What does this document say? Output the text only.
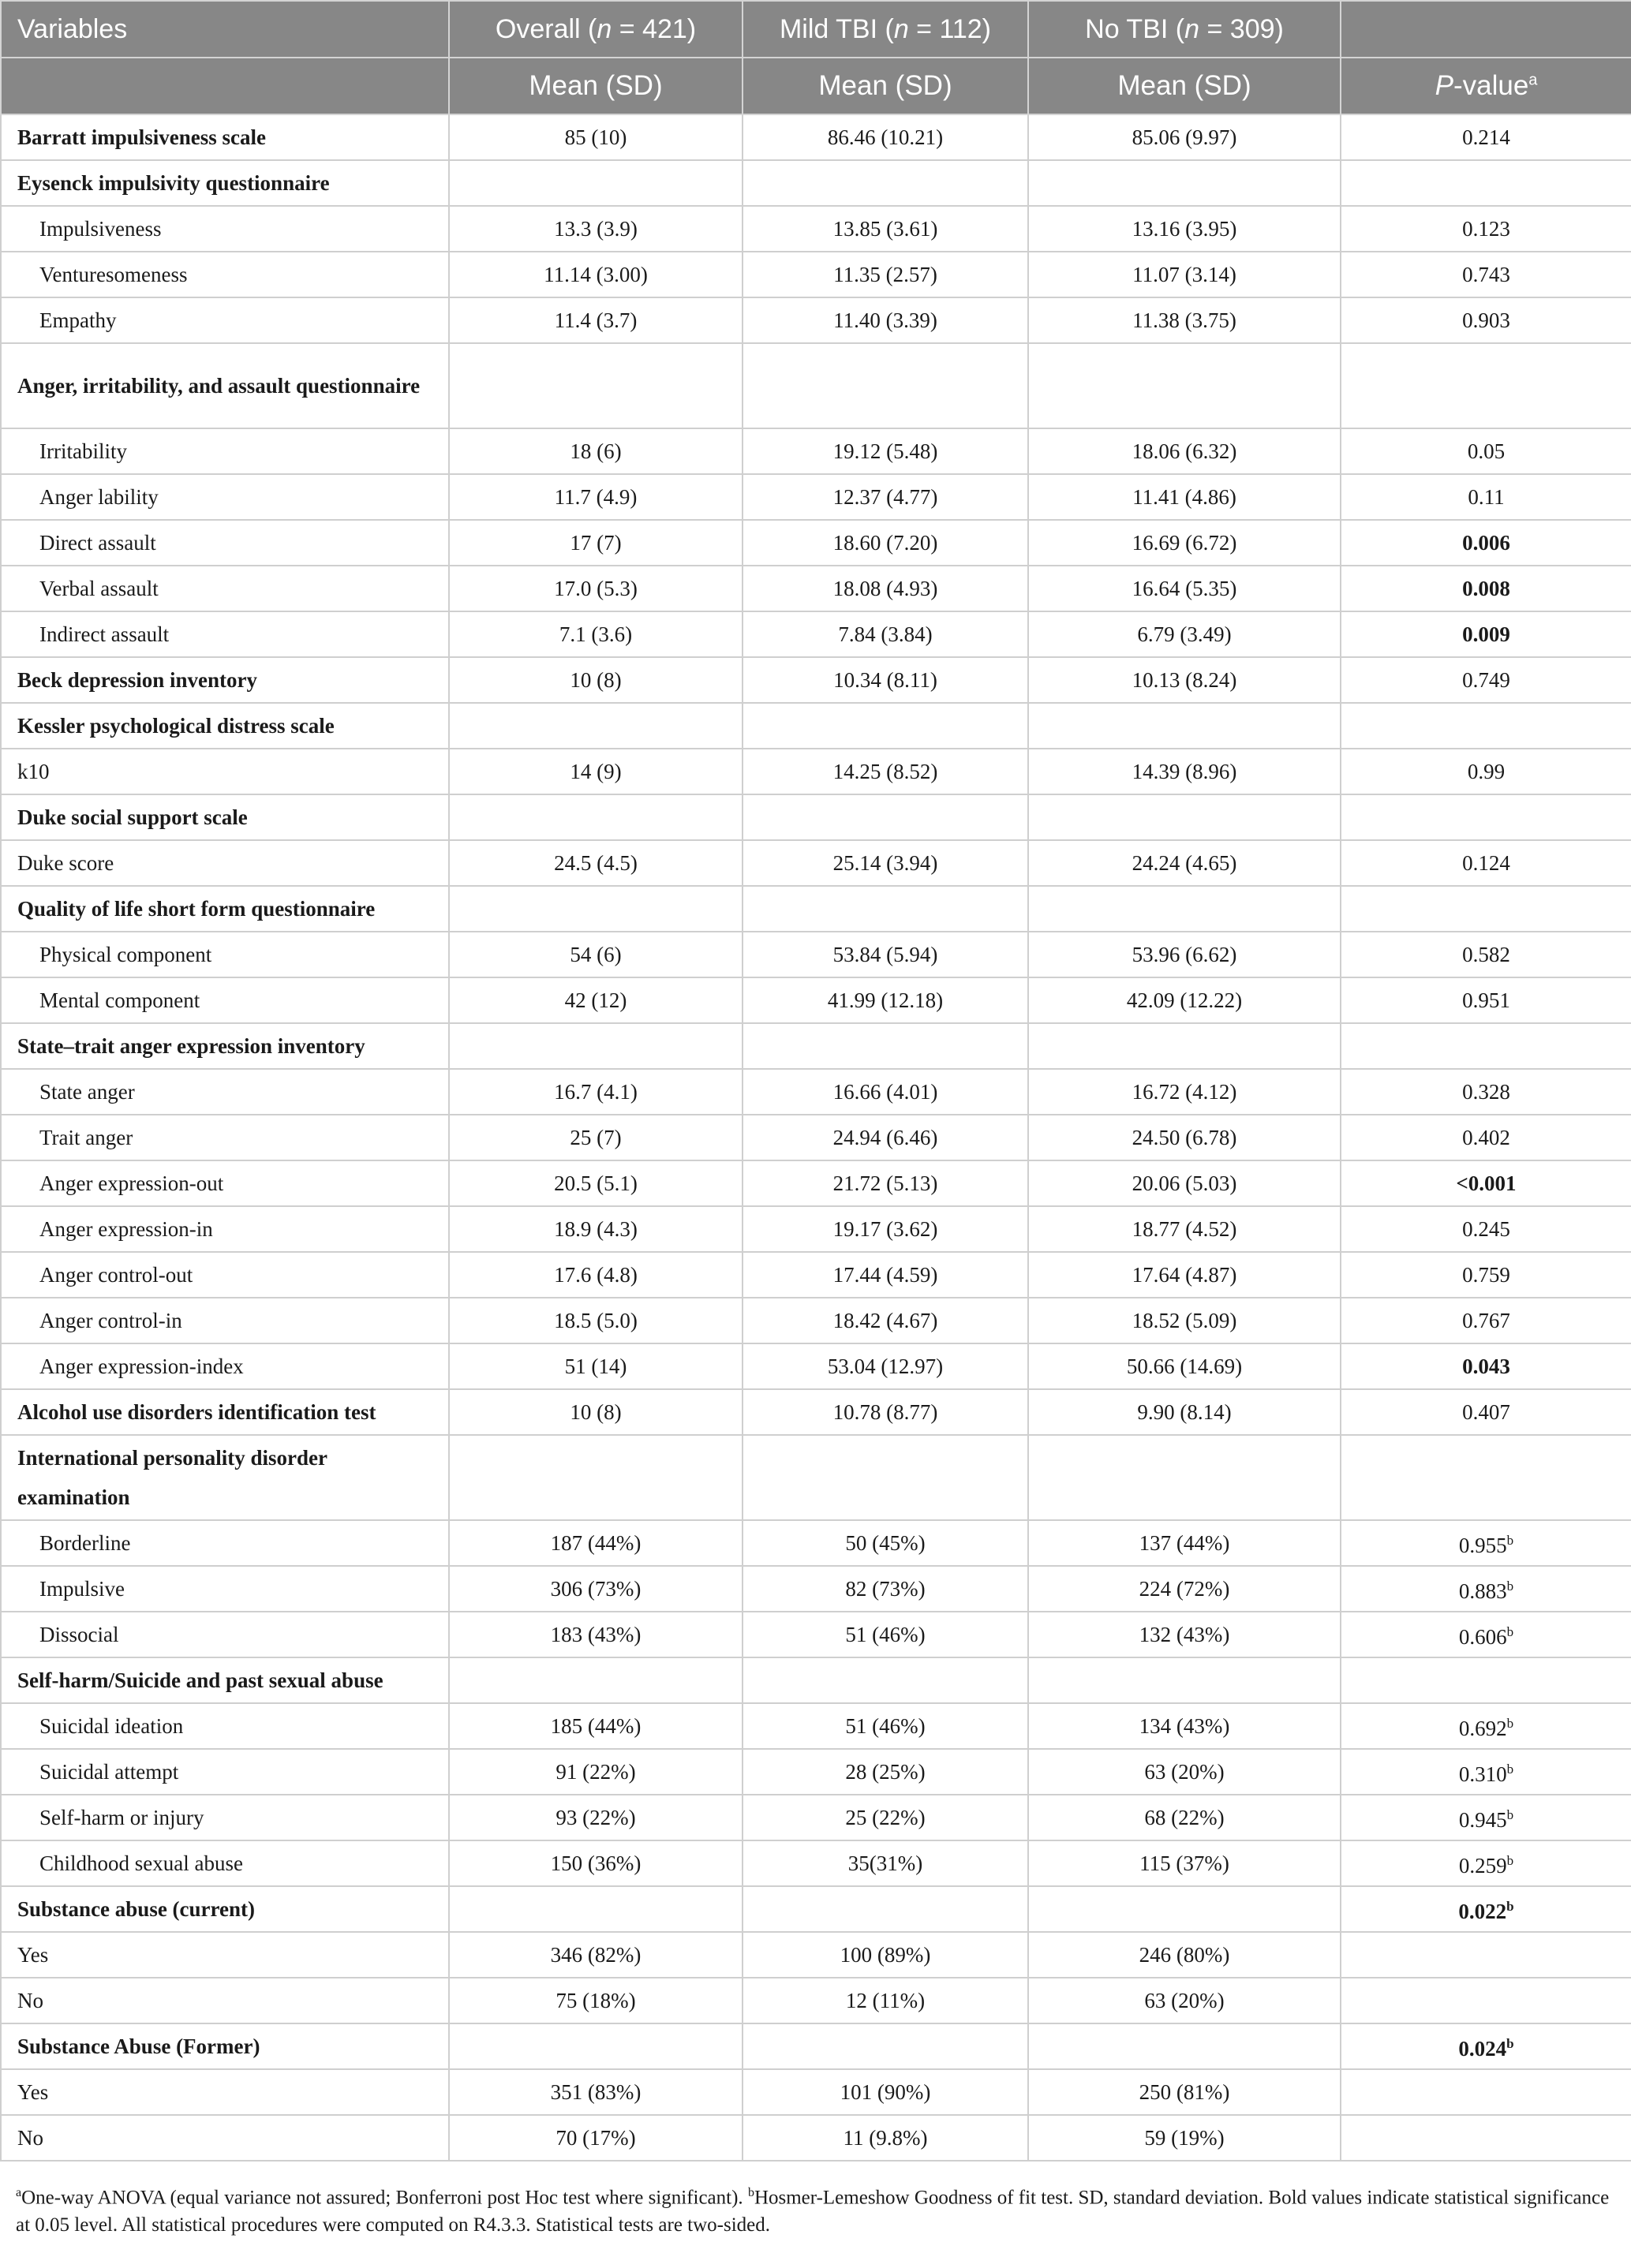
Variables	Overall (n = 421)	Mild TBI (n = 112)	No TBI (n = 309)	
	Mean (SD)	Mean (SD)	Mean (SD)	P-value$^a$
Barratt impulsiveness scale	85 (10)	86.46 (10.21)	85.06 (9.97)	0.214
Eysenck impulsivity questionnaire				
Impulsiveness	13.3 (3.9)	13.85 (3.61)	13.16 (3.95)	0.123
Venturesomeness	11.14 (3.00)	11.35 (2.57)	11.07 (3.14)	0.743
Empathy	11.4 (3.7)	11.40 (3.39)	11.38 (3.75)	0.903
Anger, irritability, and assault questionnaire				
Irritability	18 (6)	19.12 (5.48)	18.06 (6.32)	0.05
Anger lability	11.7 (4.9)	12.37 (4.77)	11.41 (4.86)	0.11
Direct assault	17 (7)	18.60 (7.20)	16.69 (6.72)	0.006
Verbal assault	17.0 (5.3)	18.08 (4.93)	16.64 (5.35)	0.008
Indirect assault	7.1 (3.6)	7.84 (3.84)	6.79 (3.49)	0.009
Beck depression inventory	10 (8)	10.34 (8.11)	10.13 (8.24)	0.749
Kessler psychological distress scale				
k10	14 (9)	14.25 (8.52)	14.39 (8.96)	0.99
Duke social support scale				
Duke score	24.5 (4.5)	25.14 (3.94)	24.24 (4.65)	0.124
Quality of life short form questionnaire				
Physical component	54 (6)	53.84 (5.94)	53.96 (6.62)	0.582
Mental component	42 (12)	41.99 (12.18)	42.09 (12.22)	0.951
State–trait anger expression inventory				
State anger	16.7 (4.1)	16.66 (4.01)	16.72 (4.12)	0.328
Trait anger	25 (7)	24.94 (6.46)	24.50 (6.78)	0.402
Anger expression-out	20.5 (5.1)	21.72 (5.13)	20.06 (5.03)	<0.001
Anger expression-in	18.9 (4.3)	19.17 (3.62)	18.77 (4.52)	0.245
Anger control-out	17.6 (4.8)	17.44 (4.59)	17.64 (4.87)	0.759
Anger control-in	18.5 (5.0)	18.42 (4.67)	18.52 (5.09)	0.767
Anger expression-index	51 (14)	53.04 (12.97)	50.66 (14.69)	0.043
Alcohol use disorders identification test	10 (8)	10.78 (8.77)	9.90 (8.14)	0.407
International personality disorder examination				
Borderline	187 (44%)	50 (45%)	137 (44%)	0.955$^b$
Impulsive	306 (73%)	82 (73%)	224 (72%)	0.883$^b$
Dissocial	183 (43%)	51 (46%)	132 (43%)	0.606$^b$
Self-harm/Suicide and past sexual abuse				
Suicidal ideation	185 (44%)	51 (46%)	134 (43%)	0.692$^b$
Suicidal attempt	91 (22%)	28 (25%)	63 (20%)	0.310$^b$
Self-harm or injury	93 (22%)	25 (22%)	68 (22%)	0.945$^b$
Childhood sexual abuse	150 (36%)	35(31%)	115 (37%)	0.259$^b$
Substance abuse (current)				0.022$^b$
Yes	346 (82%)	100 (89%)	246 (80%)	
No	75 (18%)	12 (11%)	63 (20%)	
Substance Abuse (Former)				0.024$^b$
Yes	351 (83%)	101 (90%)	250 (81%)	
No	70 (17%)	11 (9.8%)	59 (19%)	
$^a$One-way ANOVA (equal variance not assured; Bonferroni post Hoc test where significant). $^b$Hosmer-Lemeshow Goodness of fit test. SD, standard deviation. Bold values indicate statistical significance at 0.05 level. All statistical procedures were computed on R4.3.3. Statistical tests are two-sided.
